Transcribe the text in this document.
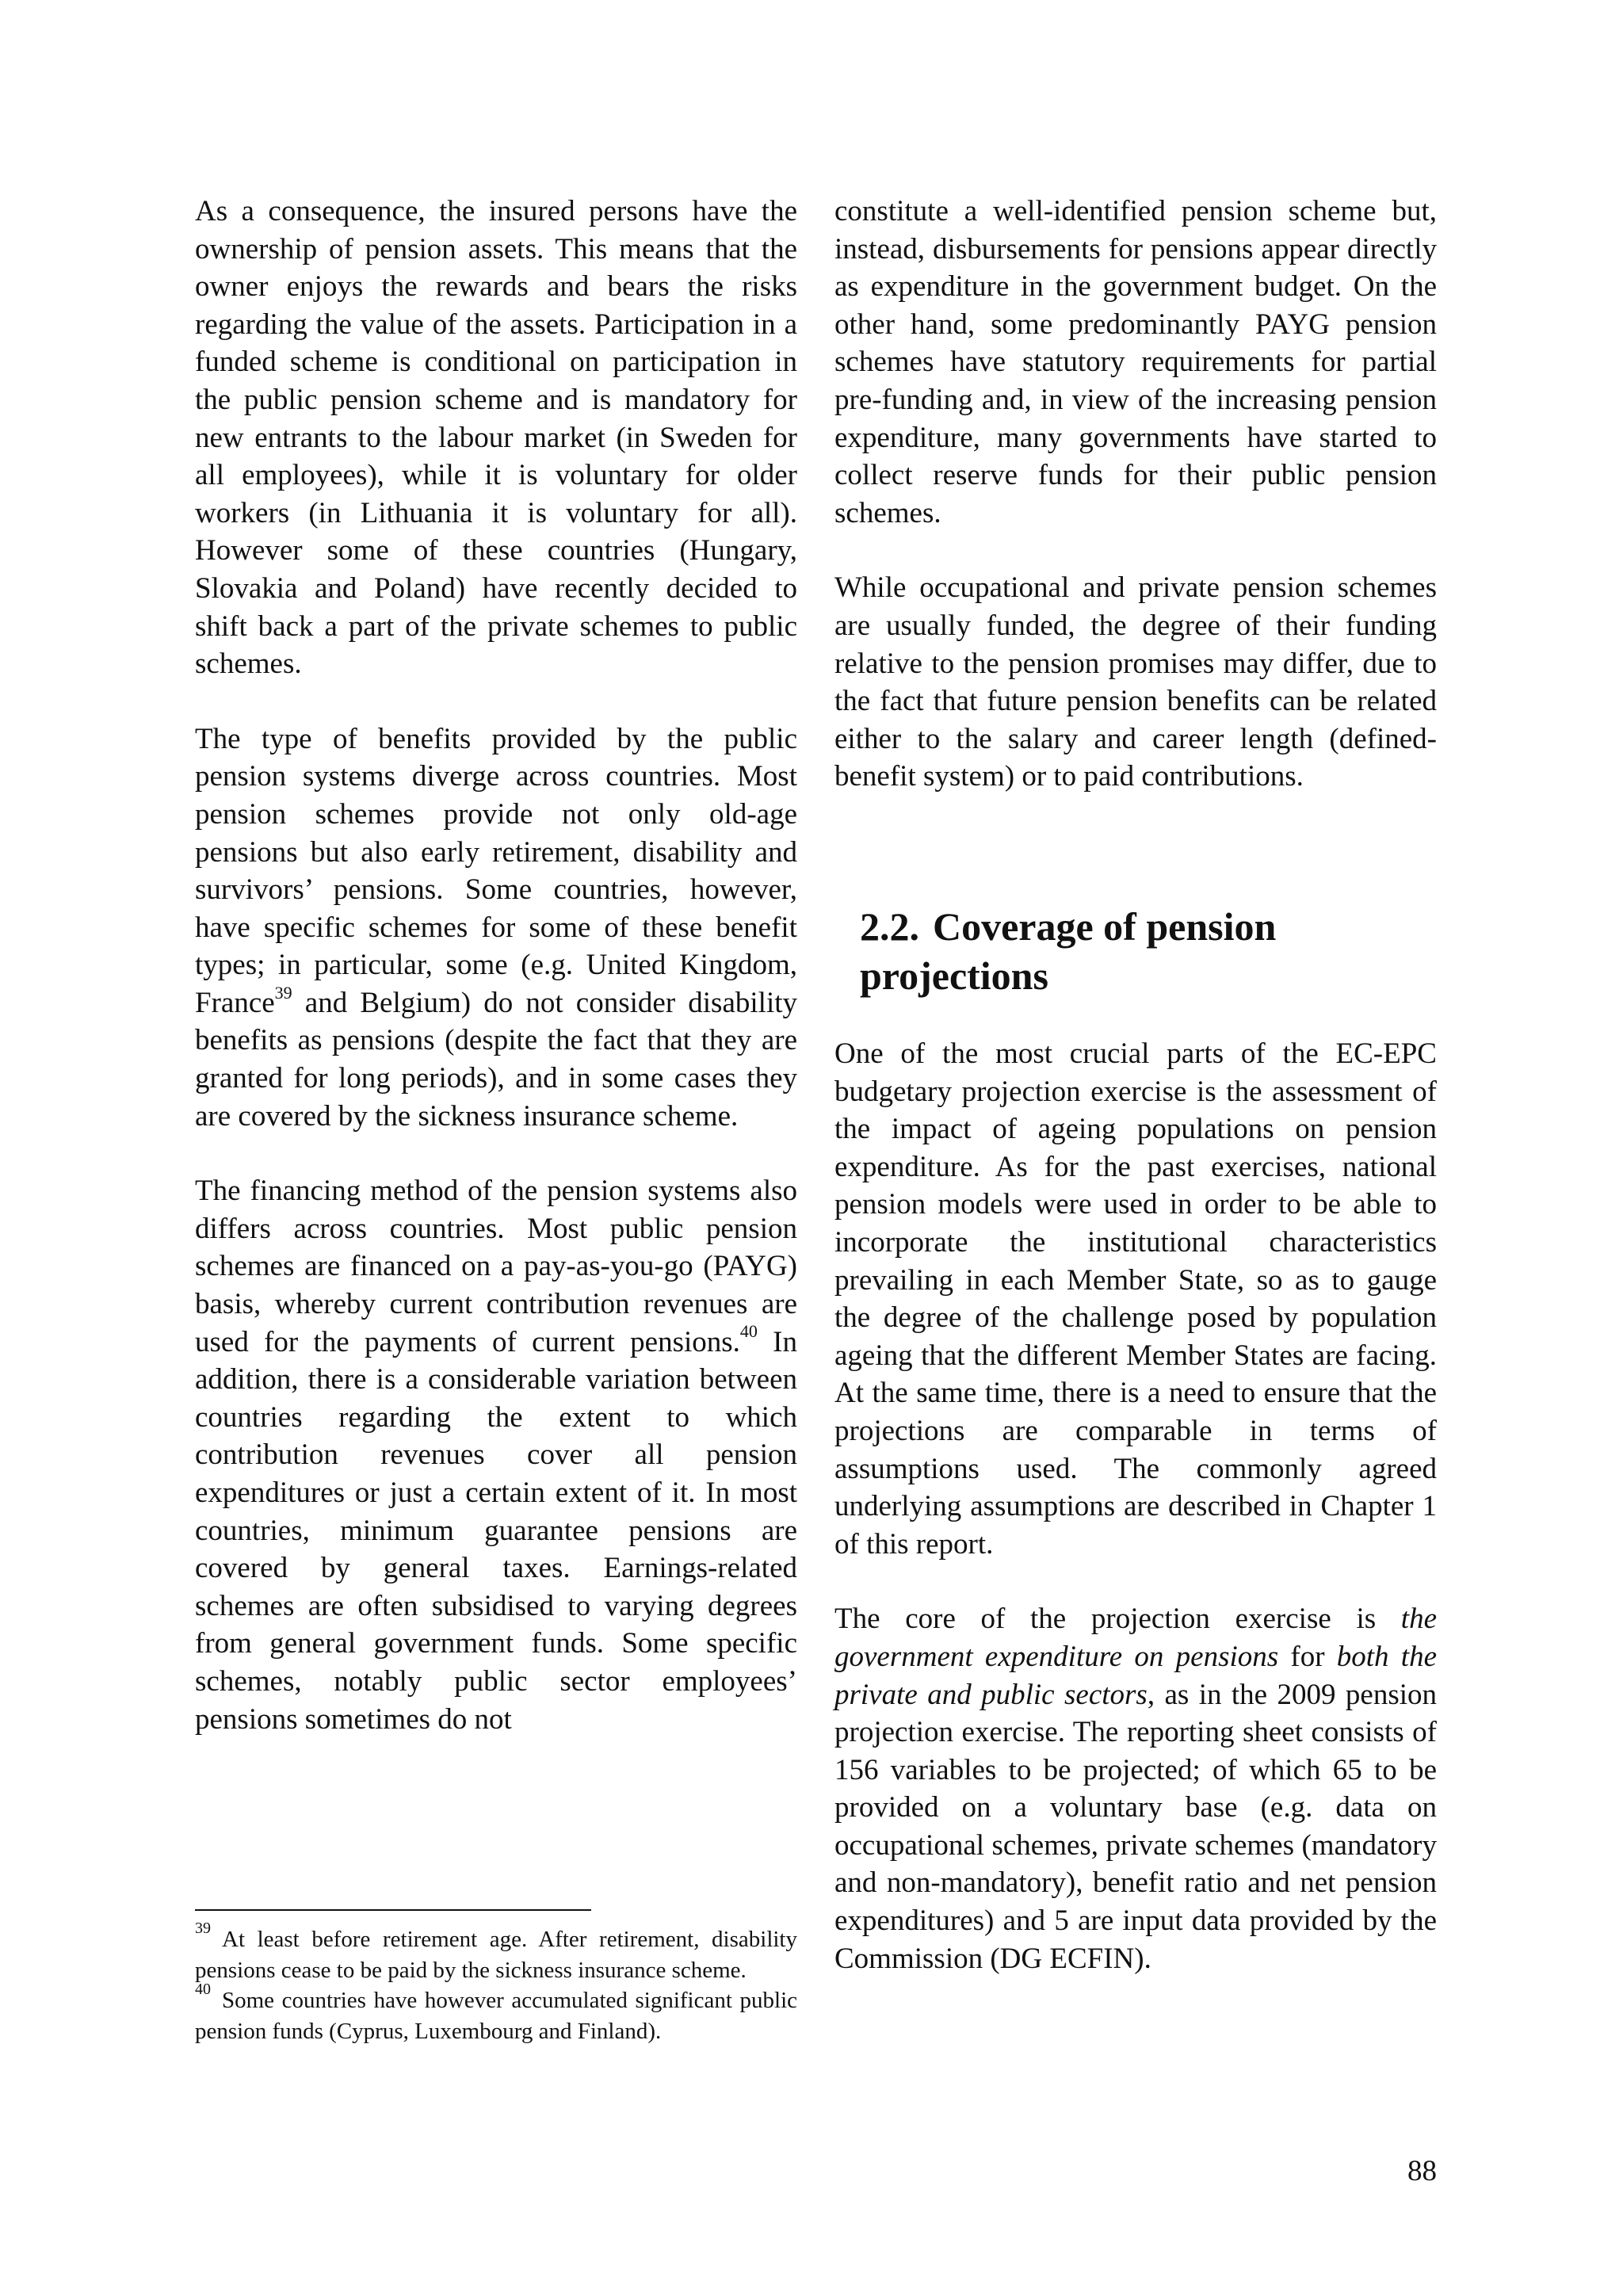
As a consequence, the insured persons have the ownership of pension assets. This means that the owner enjoys the rewards and bears the risks regarding the value of the assets. Participation in a funded scheme is conditional on participation in the public pension scheme and is mandatory for new entrants to the labour market (in Sweden for all employees), while it is voluntary for older workers (in Lithuania it is voluntary for all). However some of these countries (Hungary, Slovakia and Poland) have recently decided to shift back a part of the private schemes to public schemes.

The type of benefits provided by the public pension systems diverge across countries. Most pension schemes provide not only old-age pensions but also early retirement, disability and survivors’ pensions. Some countries, however, have specific schemes for some of these benefit types; in particular, some (e.g. United Kingdom, France$^{39}$ and Belgium) do not consider disability benefits as pensions (despite the fact that they are granted for long periods), and in some cases they are covered by the sickness insurance scheme.

The financing method of the pension systems also differs across countries. Most public pension schemes are financed on a pay-as-you-go (PAYG) basis, whereby current contribution revenues are used for the payments of current pensions.$^{40}$ In addition, there is a considerable variation between countries regarding the extent to which contribution revenues cover all pension expenditures or just a certain extent of it. In most countries, minimum guarantee pensions are covered by general taxes. Earnings-related schemes are often subsidised to varying degrees from general government funds. Some specific schemes, notably public sector employees’ pensions sometimes do not

constitute a well-identified pension scheme but, instead, disbursements for pensions appear directly as expenditure in the government budget. On the other hand, some predominantly PAYG pension schemes have statutory requirements for partial pre-funding and, in view of the increasing pension expenditure, many governments have started to collect reserve funds for their public pension schemes.

While occupational and private pension schemes are usually funded, the degree of their funding relative to the pension promises may differ, due to the fact that future pension benefits can be related either to the salary and career length (defined-benefit system) or to paid contributions.

2.2. Coverage of pension projections

One of the most crucial parts of the EC-EPC budgetary projection exercise is the assessment of the impact of ageing populations on pension expenditure. As for the past exercises, national pension models were used in order to be able to incorporate the institutional characteristics prevailing in each Member State, so as to gauge the degree of the challenge posed by population ageing that the different Member States are facing. At the same time, there is a need to ensure that the projections are comparable in terms of assumptions used. The commonly agreed underlying assumptions are described in Chapter 1 of this report.

The core of the projection exercise is the government expenditure on pensions for both the private and public sectors, as in the 2009 pension projection exercise. The reporting sheet consists of 156 variables to be projected; of which 65 to be provided on a voluntary base (e.g. data on occupational schemes, private schemes (mandatory and non-mandatory), benefit ratio and net pension expenditures) and 5 are input data provided by the Commission (DG ECFIN).

$^{39}$ At least before retirement age. After retirement, disability pensions cease to be paid by the sickness insurance scheme.

$^{40}$ Some countries have however accumulated significant public pension funds (Cyprus, Luxembourg and Finland).

88
